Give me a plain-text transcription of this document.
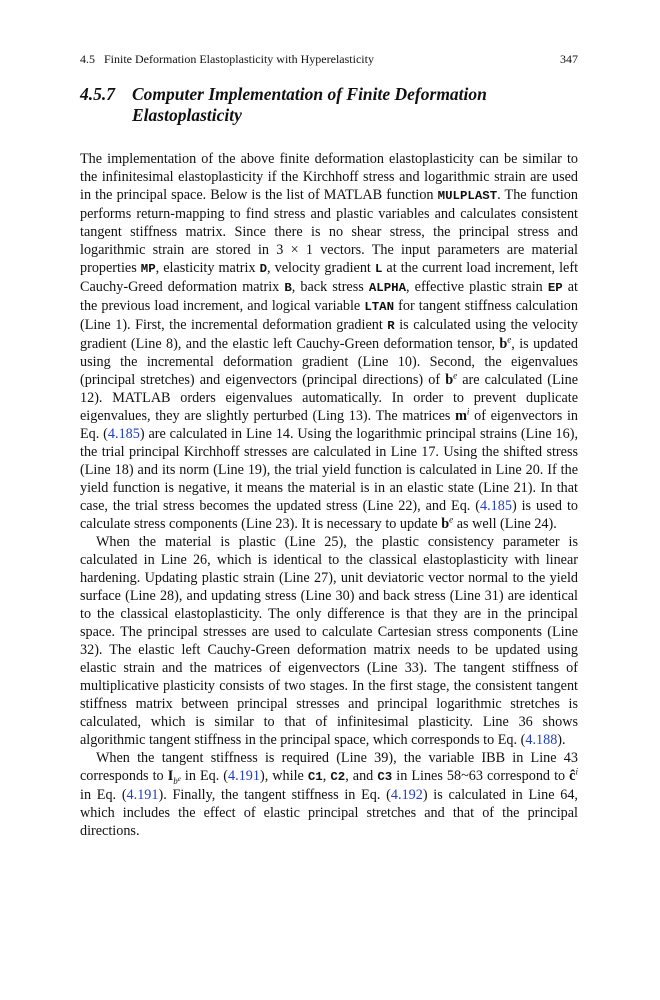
4.5   Finite Deformation Elastoplasticity with Hyperelasticity	347
4.5.7 Computer Implementation of Finite Deformation Elastoplasticity

The implementation of the above finite deformation elastoplasticity can be similar to the infinitesimal elastoplasticity if the Kirchhoff stress and logarithmic strain are used in the principal space. Below is the list of MATLAB function MULPLAST. The function performs return-mapping to find stress and plastic variables and calculates consistent tangent stiffness matrix. Since there is no shear stress, the principal stress and logarithmic strain are stored in 3 × 1 vectors. The input parameters are material properties MP, elasticity matrix D, velocity gradient L at the current load increment, left Cauchy-Greed deformation matrix B, back stress ALPHA, effective plastic strain EP at the previous load increment, and logical variable LTAN for tangent stiffness calculation (Line 1). First, the incremental deformation gradient R is calculated using the velocity gradient (Line 8), and the elastic left Cauchy-Green deformation tensor, $b^e$, is updated using the incremental deformation gradient (Line 10). Second, the eigenvalues (principal stretches) and eigenvectors (principal directions) of $b^e$ are calculated (Line 12). MATLAB orders eigenvalues automatically. In order to prevent duplicate eigenvalues, they are slightly perturbed (Ling 13). The matrices $m^i$ of eigenvectors in Eq. (4.185) are calculated in Line 14. Using the logarithmic principal strains (Line 16), the trial principal Kirchhoff stresses are calculated in Line 17. Using the shifted stress (Line 18) and its norm (Line 19), the trial yield function is calculated in Line 20. If the yield function is negative, it means the material is in an elastic state (Line 21). In that case, the trial stress becomes the updated stress (Line 22), and Eq. (4.185) is used to calculate stress components (Line 23). It is necessary to update $b^e$ as well (Line 24).

When the material is plastic (Line 25), the plastic consistency parameter is calculated in Line 26, which is identical to the classical elastoplasticity with linear hardening. Updating plastic strain (Line 27), unit deviatoric vector normal to the yield surface (Line 28), and updating stress (Line 30) and back stress (Line 31) are identical to the classical elastoplasticity. The only difference is that they are in the principal space. The principal stresses are used to calculate Cartesian stress components (Line 32). The elastic left Cauchy-Green deformation matrix needs to be updated using elastic strain and the matrices of eigenvectors (Line 33). The tangent stiffness of multiplicative plasticity consists of two stages. In the first stage, the consistent tangent stiffness matrix between principal stresses and principal logarithmic stretches is calculated, which is similar to that of infinitesimal plasticity. Line 36 shows algorithmic tangent stiffness in the principal space, which corresponds to Eq. (4.188).

When the tangent stiffness is required (Line 39), the variable IBB in Line 43 corresponds to $I_b^e$ in Eq. (4.191), while C1, C2, and C3 in Lines 58~63 correspond to $ĉ^i$ in Eq. (4.191). Finally, the tangent stiffness in Eq. (4.192) is calculated in Line 64, which includes the effect of elastic principal stretches and that of the principal directions.
